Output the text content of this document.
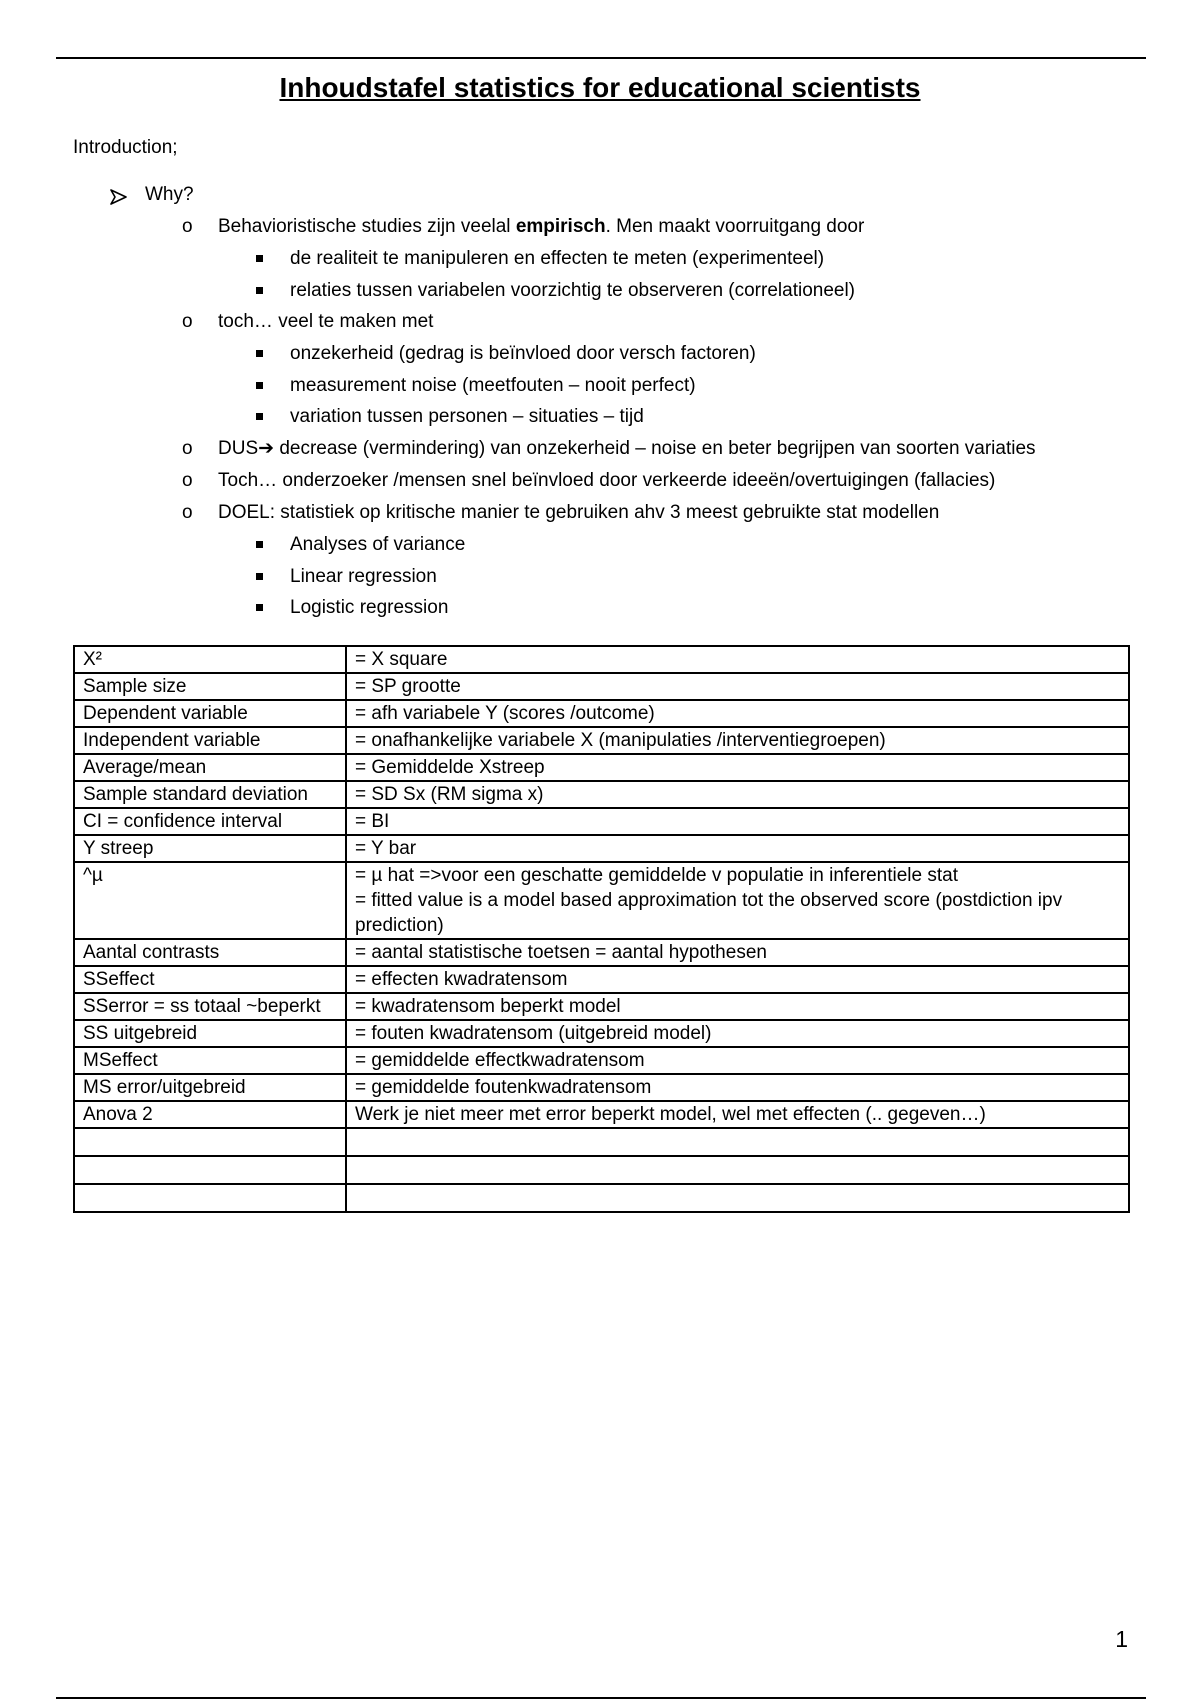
Inhoudstafel statistics for educational scientists
Introduction;
Why?
o Behavioristische studies zijn veelal empirisch. Men maakt voorruitgang door
de realiteit te manipuleren en effecten te meten (experimenteel)
relaties tussen variabelen voorzichtig te observeren (correlationeel)
o toch… veel te maken met
onzekerheid (gedrag is beïnvloed door versch factoren)
measurement noise (meetfouten – nooit perfect)
variation tussen personen – situaties – tijd
o DUS➔ decrease (vermindering) van onzekerheid – noise en beter begrijpen van soorten variaties
o Toch… onderzoeker /mensen snel beïnvloed door verkeerde ideeën/overtuigingen (fallacies)
o DOEL: statistiek op kritische manier te gebruiken ahv 3 meest gebruikte stat modellen
Analyses of variance
Linear regression
Logistic regression
X²	= X square
Sample size	= SP grootte
Dependent variable	= afh variabele Y (scores /outcome)
Independent variable	= onafhankelijke variabele X (manipulaties /interventiegroepen)
Average/mean	= Gemiddelde Xstreep
Sample standard deviation	= SD Sx (RM sigma x)
CI = confidence interval	= BI
Y streep	= Y bar
^µ	= µ hat =>voor een geschatte gemiddelde v populatie in inferentiele stat
= fitted value is a model based approximation tot the observed score (postdiction ipv prediction)

Aantal contrasts	= aantal statistische toetsen = aantal hypothesen
SSeffect	= effecten kwadratensom
SSerror = ss totaal ~beperkt	= kwadratensom beperkt model
SS uitgebreid	= fouten kwadratensom (uitgebreid model)
MSeffect	= gemiddelde effectkwadratensom
MS error/uitgebreid	= gemiddelde foutenkwadratensom
Anova 2	Werk je niet meer met error beperkt model, wel met effecten (.. gegeven…)

1
